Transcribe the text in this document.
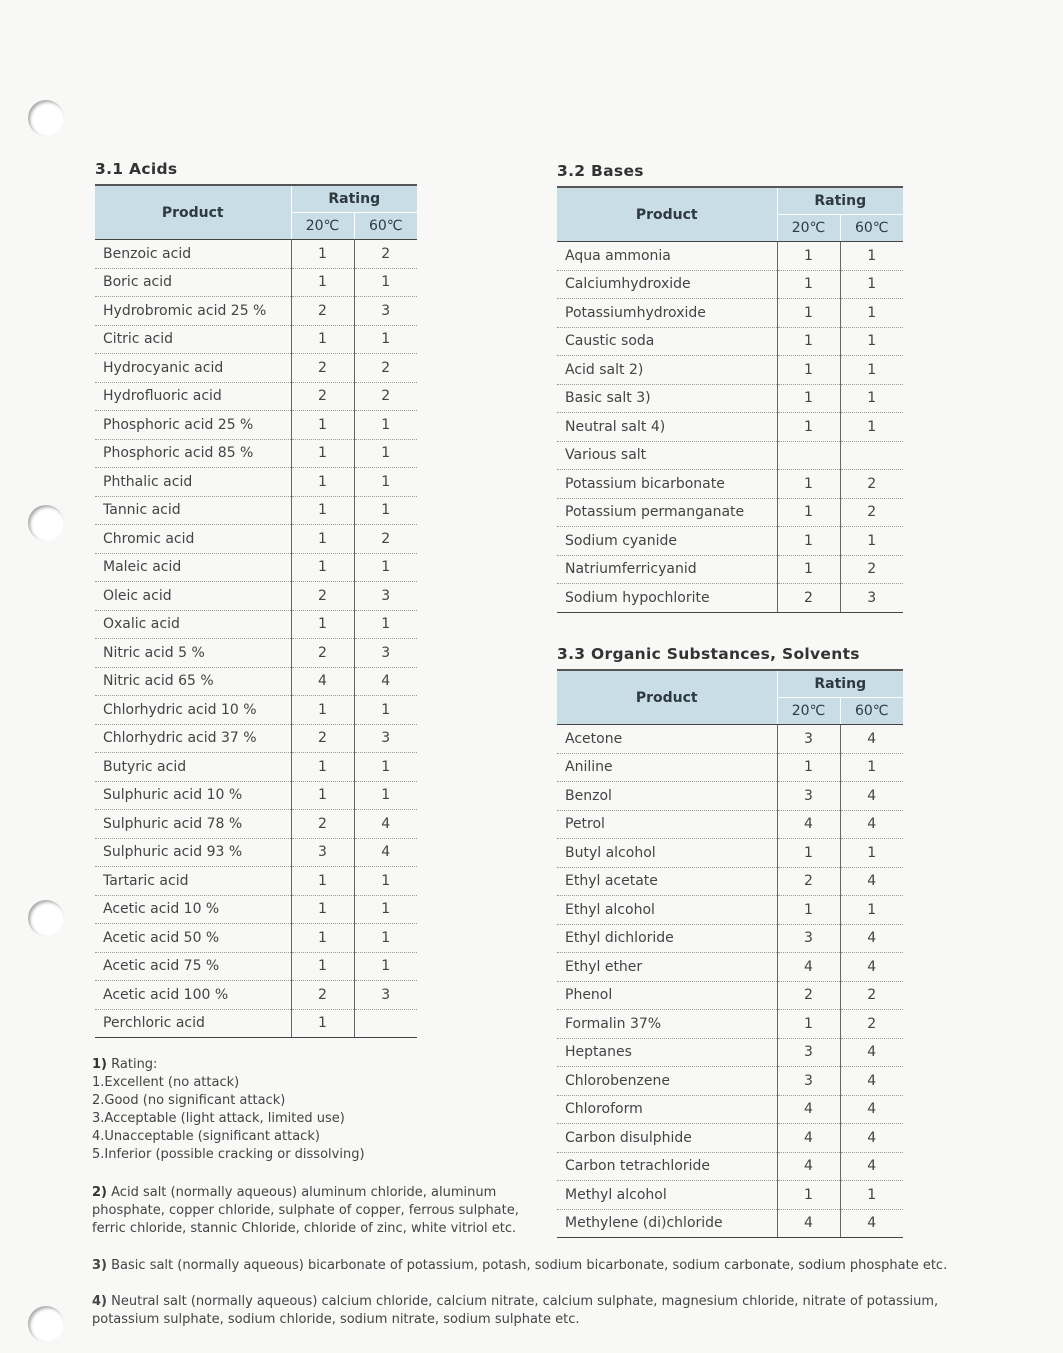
3.1 Acids
Product	Rating	
	20℃	60℃
Benzoic acid	1	2
Boric acid	1	1
Hydrobromic acid 25 %	2	3
Citric acid	1	1
Hydrocyanic acid	2	2
Hydrofluoric acid	2	2
Phosphoric acid 25 %	1	1
Phosphoric acid 85 %	1	1
Phthalic acid	1	1
Tannic acid	1	1
Chromic acid	1	2
Maleic acid	1	1
Oleic acid	2	3
Oxalic acid	1	1
Nitric acid 5 %	2	3
Nitric acid 65 %	4	4
Chlorhydric acid 10 %	1	1
Chlorhydric acid 37 %	2	3
Butyric acid	1	1
Sulphuric acid 10 %	1	1
Sulphuric acid 78 %	2	4
Sulphuric acid 93 %	3	4
Tartaric acid	1	1
Acetic acid 10 %	1	1
Acetic acid 50 %	1	1
Acetic acid 75 %	1	1
Acetic acid 100 %	2	3
Perchloric acid	1	
3.2 Bases
Product	Rating	
	20℃	60℃
Aqua ammonia	1	1
Calciumhydroxide	1	1
Potassiumhydroxide	1	1
Caustic soda	1	1
Acid salt 2)	1	1
Basic salt 3)	1	1
Neutral salt 4)	1	1
Various salt		
Potassium bicarbonate	1	2
Potassium permanganate	1	2
Sodium cyanide	1	1
Natriumferricyanid	1	2
Sodium hypochlorite	2	3
3.3 Organic Substances, Solvents
Product	Rating	
	20℃	60℃
Acetone	3	4
Aniline	1	1
Benzol	3	4
Petrol	4	4
Butyl alcohol	1	1
Ethyl acetate	2	4
Ethyl alcohol	1	1
Ethyl dichloride	3	4
Ethyl ether	4	4
Phenol	2	2
Formalin 37%	1	2
Heptanes	3	4
Chlorobenzene	3	4
Chloroform	4	4
Carbon disulphide	4	4
Carbon tetrachloride	4	4
Methyl alcohol	1	1
Methylene (di)chloride	4	4
1) Rating:
1.Excellent (no attack)
2.Good (no significant attack)
3.Acceptable (light attack, limited use)
4.Unacceptable (significant attack)
5.Inferior (possible cracking or dissolving)
2) Acid salt (normally aqueous) aluminum chloride, aluminum
phosphate, copper chloride, sulphate of copper, ferrous sulphate,
ferric chloride, stannic Chloride, chloride of zinc, white vitriol etc.
3) Basic salt (normally aqueous) bicarbonate of potassium, potash, sodium bicarbonate, sodium carbonate, sodium phosphate etc.
4) Neutral salt (normally aqueous) calcium chloride, calcium nitrate, calcium sulphate, magnesium chloride, nitrate of potassium,
potassium sulphate, sodium chloride, sodium nitrate, sodium sulphate etc.
